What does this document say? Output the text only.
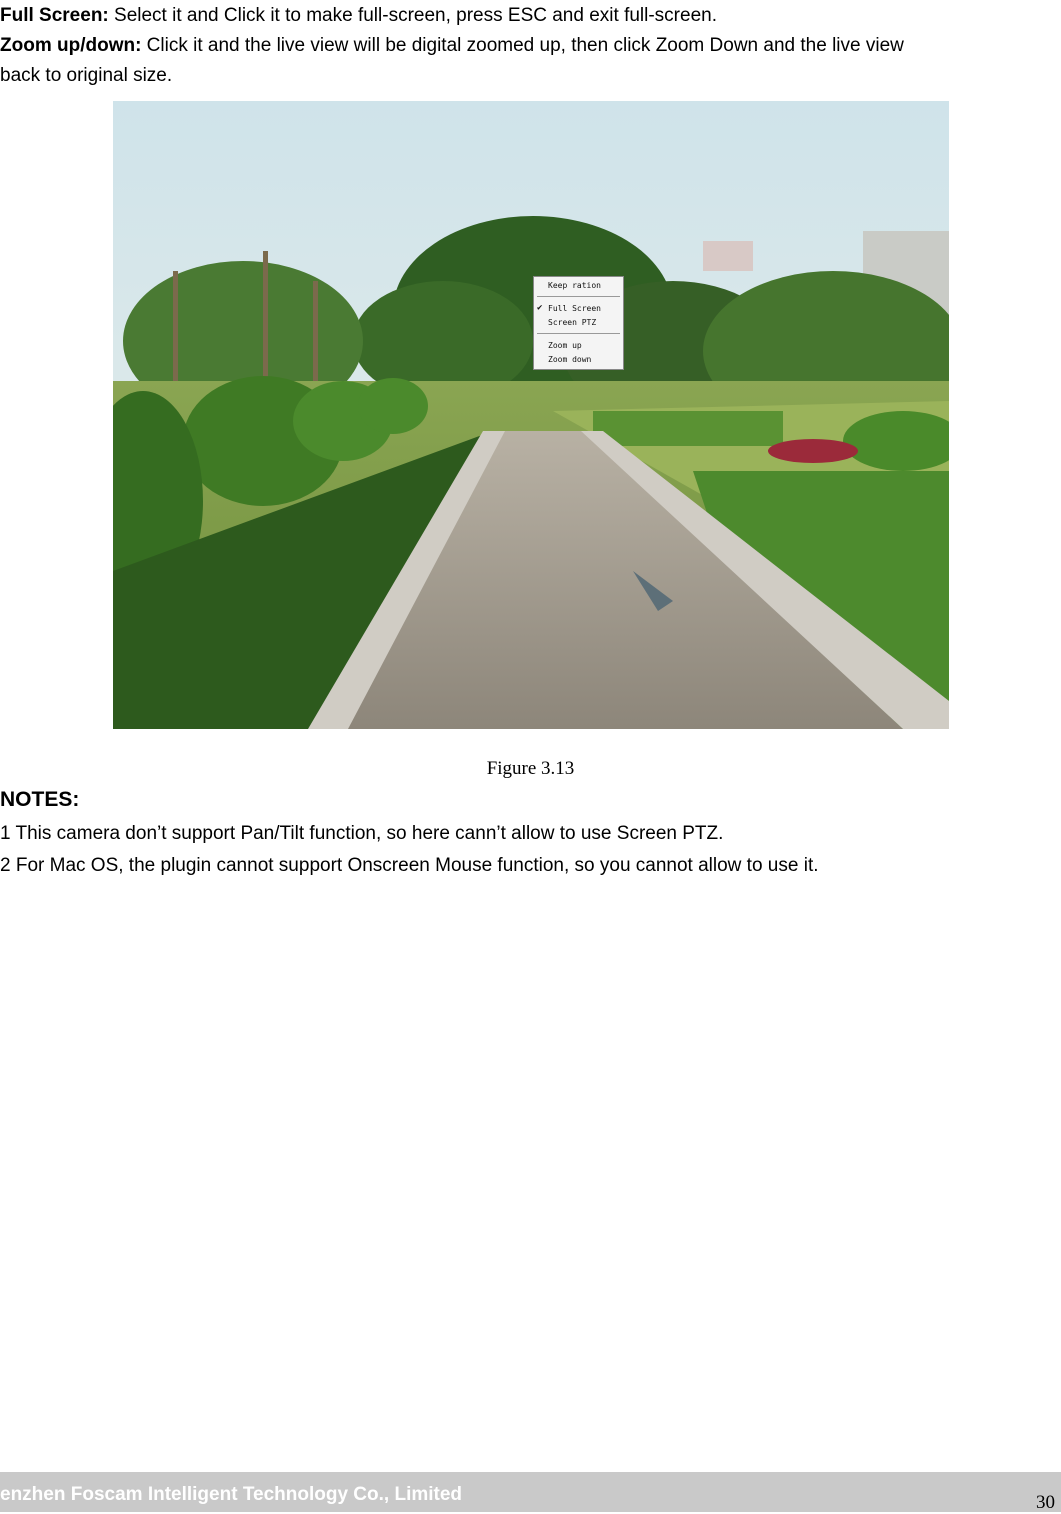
Full Screen: Select it and Click it to make full-screen, press ESC and exit full-screen.
Zoom up/down: Click it and the live view will be digital zoomed up, then click Zoom Down and the live view
back to original size.
Keep ration
✔ Full Screen
Screen PTZ
Zoom up
Zoom down
Figure 3.13
NOTES:
1 This camera don’t support Pan/Tilt function, so here cann’t allow to use Screen PTZ.
2 For Mac OS, the plugin cannot support Onscreen Mouse function, so you cannot allow to use it.
enzhen Foscam Intelligent Technology Co., Limited	30
